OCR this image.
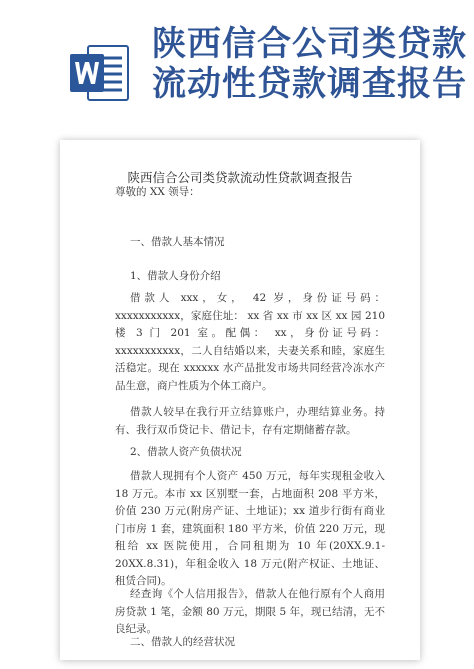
陕西信合公司类贷款流动性贷款调查报告
陕西信合公司类贷款流动性贷款调查报告
尊敬的 XX 领导：
一、借款人基本情况
1、借款人身份介绍
借款人 xxx，女， 42 岁，身份证号码： xxxxxxxxxxx，家庭住址： xx 省 xx 市 xx 区 xx 园 210 楼 3 门 201 室。配偶： xx，身份证号码： xxxxxxxxxxx，二人自结婚以来，夫妻关系和睦，家庭生活稳定。现在 xxxxxx 水产品批发市场共同经营冷冻水产品生意，商户性质为个体工商户。
借款人较早在我行开立结算账户，办理结算业务。持有、我行双币贷记卡、借记卡，存有定期储蓄存款。
2、借款人资产负债状况
借款人现拥有个人资产 450 万元，每年实现租金收入 18 万元。本市 xx 区别墅一套，占地面积 208 平方米，价值 230 万元(附房产证、土地证)；xx 道步行街有商业门市房 1 套，建筑面积 180 平方米，价值 220 万元，现租给 xx 医院使用，合同租期为 10 年(20XX.9.1-20XX.8.31)，年租金收入 18 万元(附产权证、土地证、租赁合同)。
经查询《个人信用报告》，借款人在他行原有个人商用房贷款 1 笔，金额 80 万元，期限 5 年，现已结清，无不良纪录。
二、借款人的经营状况
